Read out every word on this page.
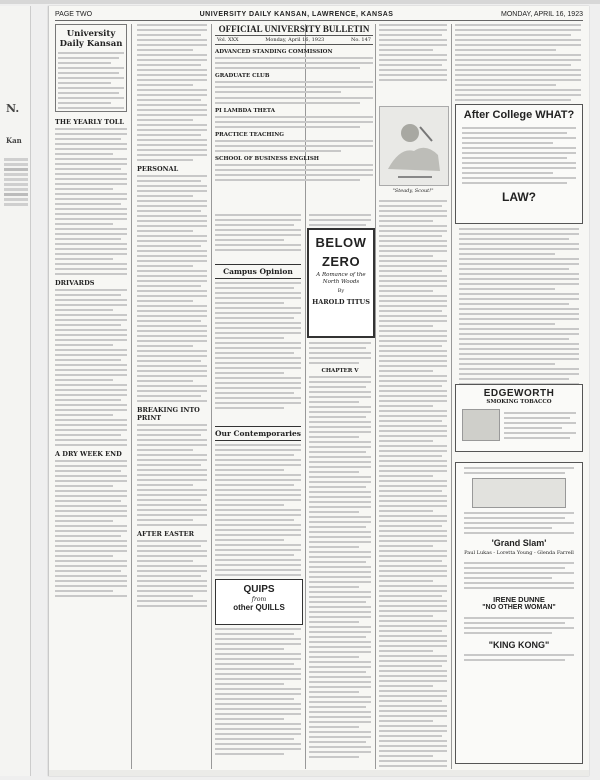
N.
Kan
PAGE TWO	UNIVERSITY DAILY KANSAN, LAWRENCE, KANSAS	MONDAY, APRIL 16, 1923
University Daily Kansan
THE YEARLY TOLL
DRIVARDS
A DRY WEEK END
PERSONAL
BREAKING INTO PRINT
AFTER EASTER
OFFICIAL UNIVERSITY BULLETIN
Vol. XXX	Monday, April 16, 1923	No. 147
ADVANCED STANDING COMMISSION
GRADUATE CLUB
PI LAMBDA THETA
PRACTICE TEACHING
SCHOOL OF BUSINESS ENGLISH
Campus Opinion
Our Contemporaries
QUIPS
from
other QUILLS
BELOW
ZERO
A Romance of the North Woods
By
HAROLD TITUS
CHAPTER V
"Steady, Scout!"
After College WHAT?
LAW?
EDGEWORTH
SMOKING TOBACCO
'Grand Slam'
Paul Lukas - Loretta Young - Glenda Farrell
IRENE DUNNE
"NO OTHER WOMAN"
"KING KONG"
